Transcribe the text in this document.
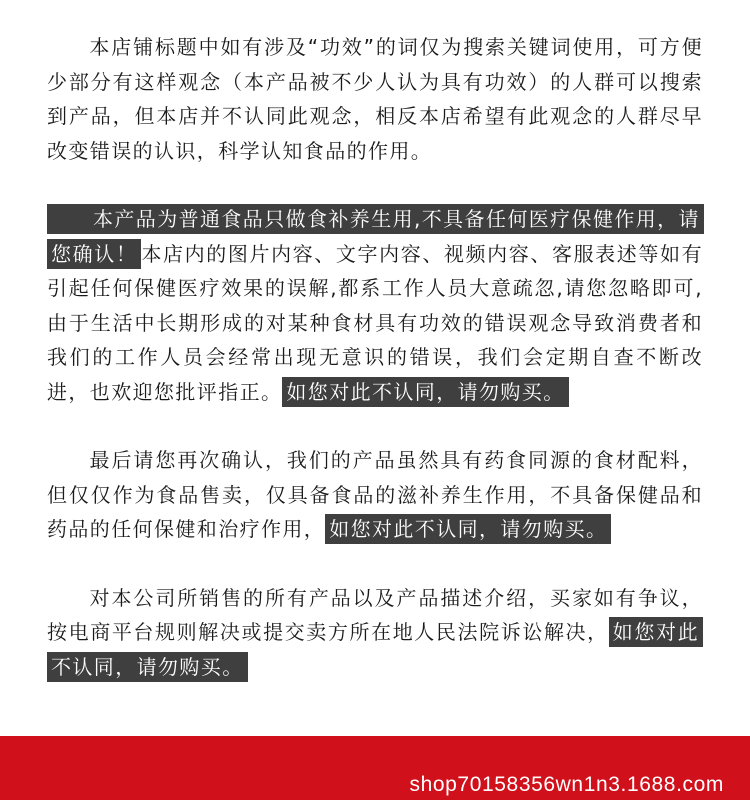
本店铺标题中如有涉及“功效”的词仅为搜索关键词使用，可方便少部分有这样观念（本产品被不少人认为具有功效）的人群可以搜索到产品，但本店并不认同此观念，相反本店希望有此观念的人群尽早改变错误的认识，科学认知食品的作用。

本产品为普通食品只做食补养生用,不具备任何医疗保健作用，请您确认！ 本店内的图片内容、文字内容、视频内容、客服表述等如有引起任何保健医疗效果的误解,都系工作人员大意疏忽,请您忽略即可,由于生活中长期形成的对某种食材具有功效的错误观念导致消费者和我们的工作人员会经常出现无意识的错误，我们会定期自查不断改进，也欢迎您批评指正。 如您对此不认同，请勿购买。

最后请您再次确认，我们的产品虽然具有药食同源的食材配料，但仅仅作为食品售卖，仅具备食品的滋补养生作用，不具备保健品和药品的任何保健和治疗作用， 如您对此不认同，请勿购买。

对本公司所销售的所有产品以及产品描述介绍，买家如有争议，按电商平台规则解决或提交卖方所在地人民法院诉讼解决， 如您对此不认同，请勿购买。

shop70158356wn1n3.1688.com
